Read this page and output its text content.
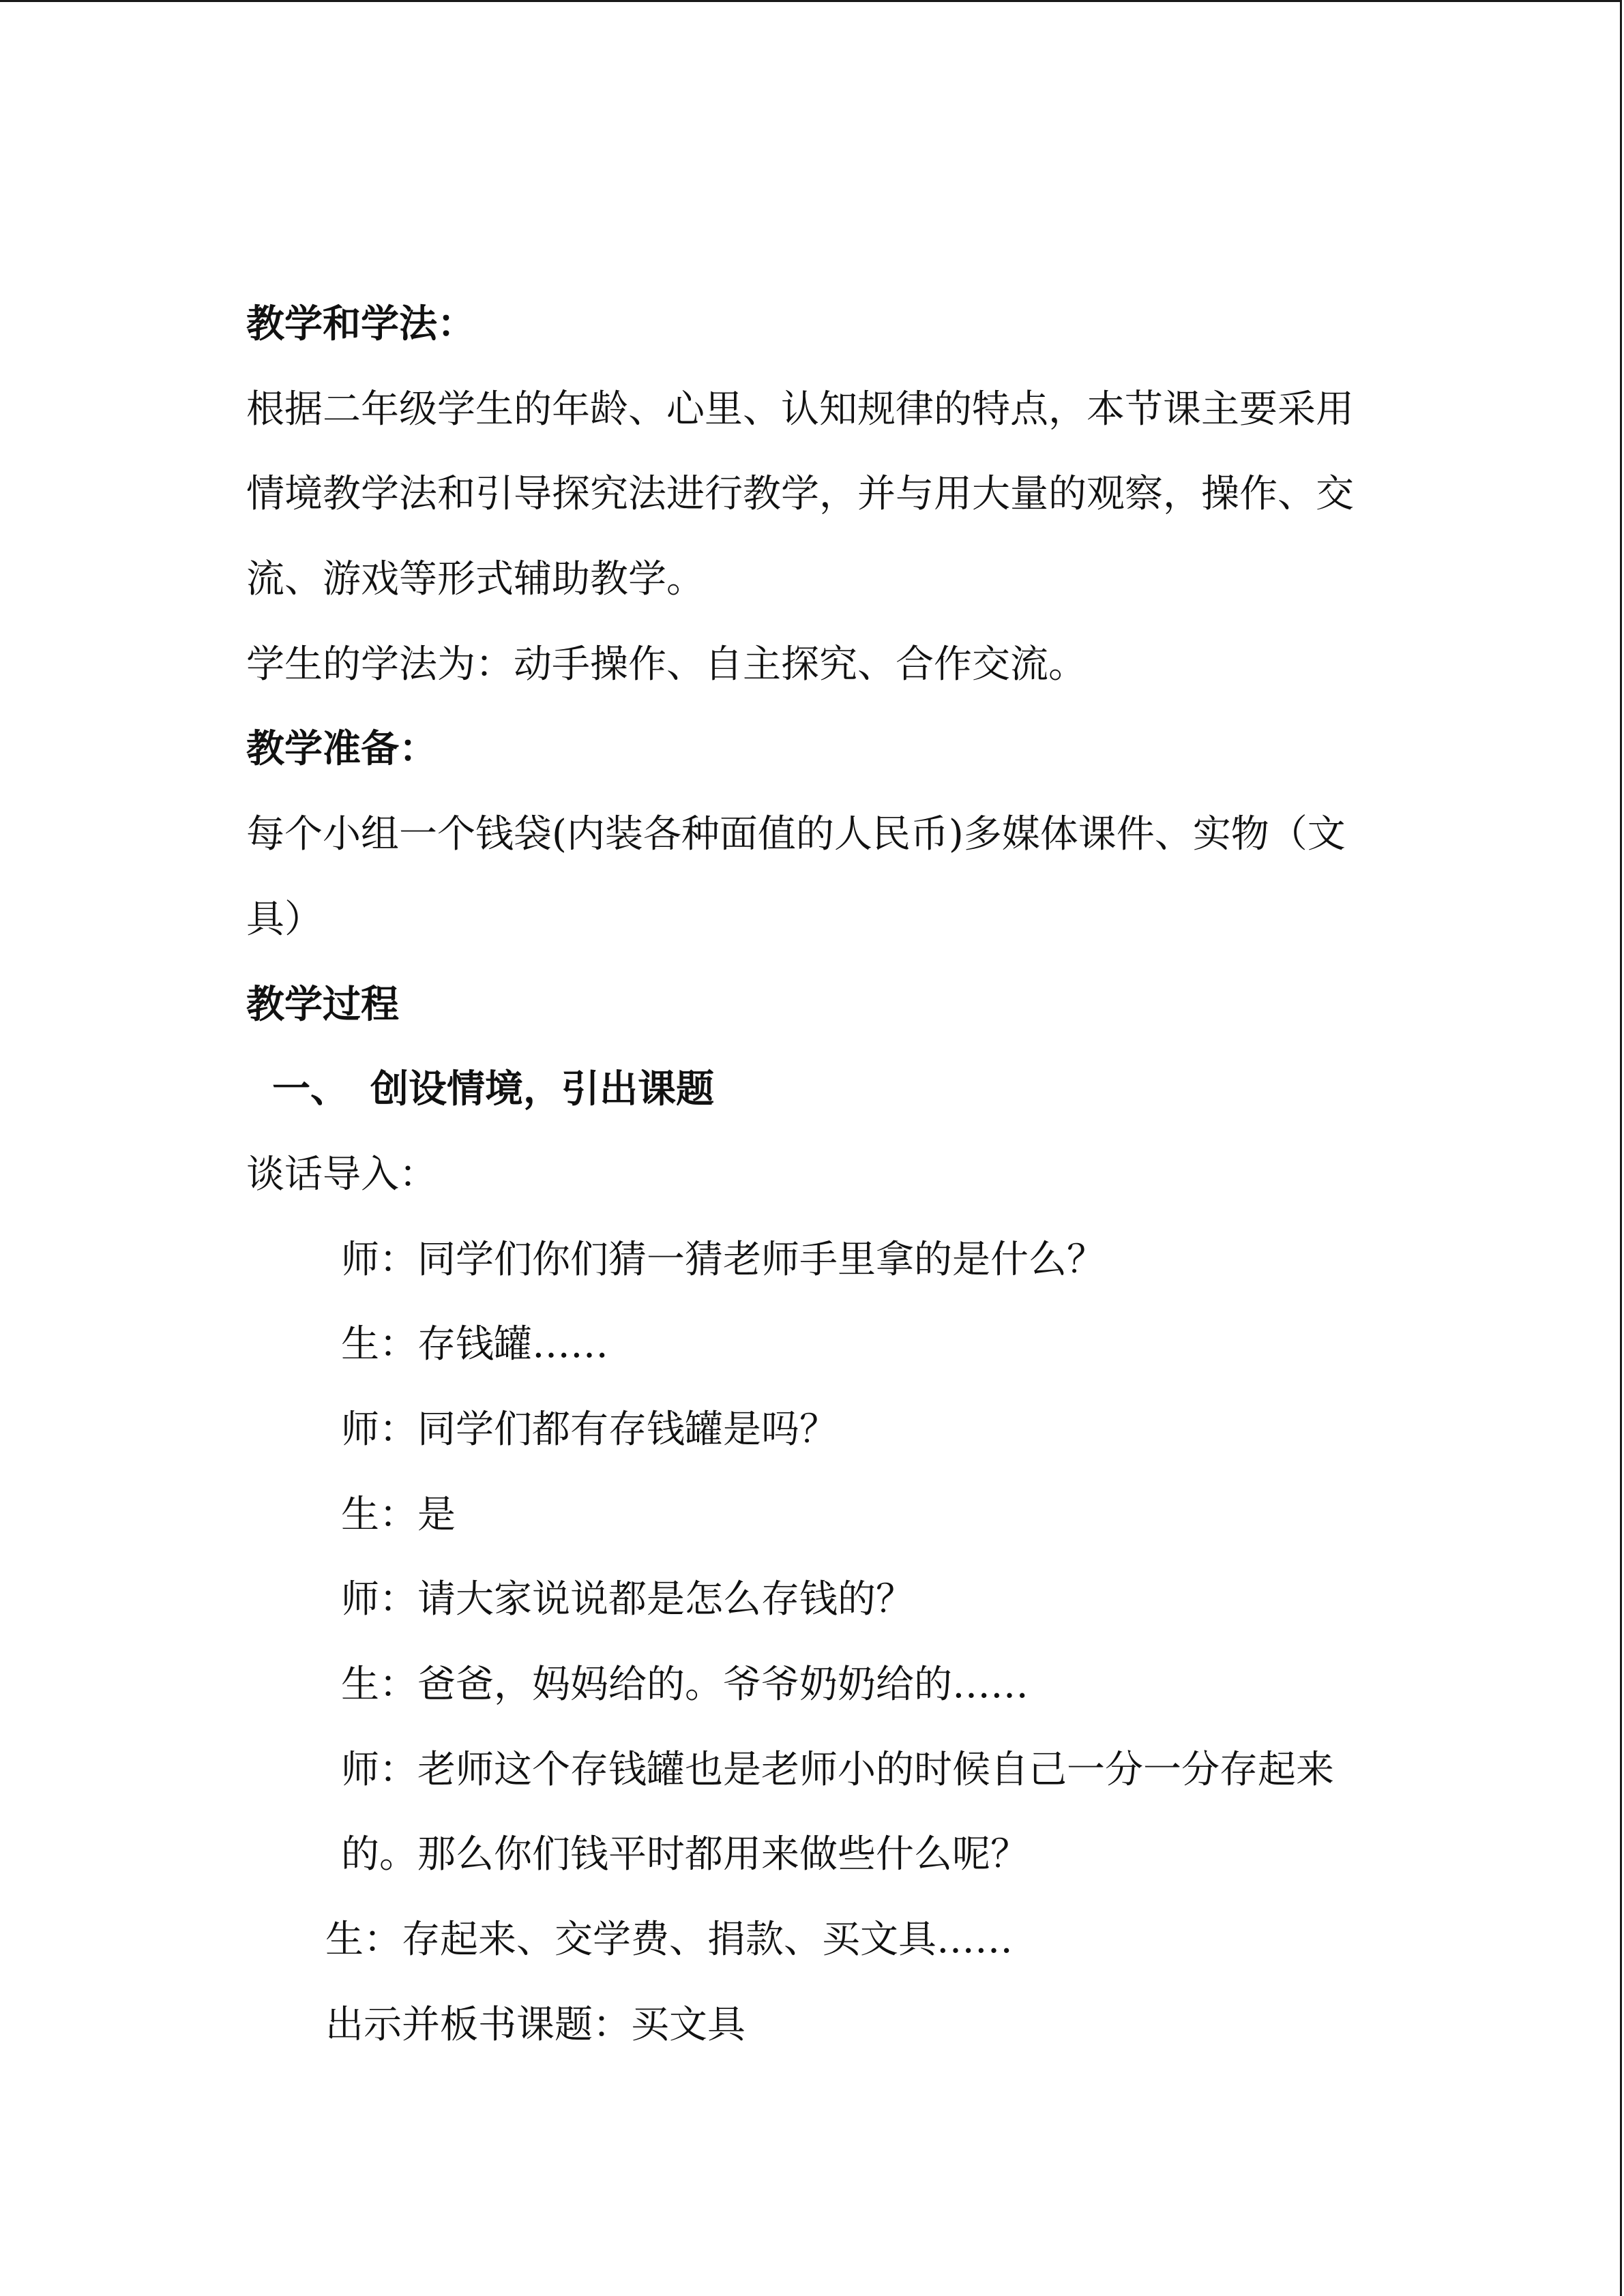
教学和学法：
根据二年级学生的年龄、心里、认知规律的特点，本节课主要采用
情境教学法和引导探究法进行教学，并与用大量的观察，操作、交
流、游戏等形式辅助教学。
学生的学法为：动手操作、自主探究、合作交流。
教学准备：
每个小组一个钱袋(内装各种面值的人民币)多媒体课件、实物（文
具）
教学过程
一、 创设情境，引出课题
谈话导入：
师：同学们你们猜一猜老师手里拿的是什么？
生：存钱罐……
师：同学们都有存钱罐是吗？
生：是
师：请大家说说都是怎么存钱的？
生：爸爸，妈妈给的。爷爷奶奶给的……
师：老师这个存钱罐也是老师小的时候自己一分一分存起来
的。那么你们钱平时都用来做些什么呢？
生：存起来、交学费、捐款、买文具……
出示并板书课题：买文具
